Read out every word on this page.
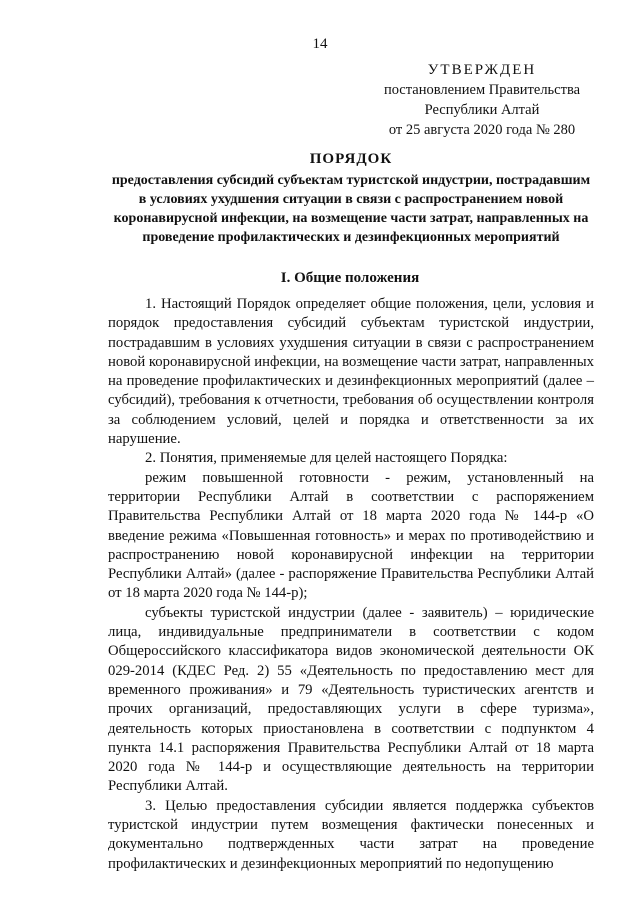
14
УТВЕРЖДЕН
постановлением Правительства
Республики Алтай
от 25 августа 2020 года № 280
ПОРЯДОК
предоставления субсидий субъектам туристской индустрии, пострадавшим в условиях ухудшения ситуации в связи с распространением новой коронавирусной инфекции, на возмещение части затрат, направленных на проведение профилактических и дезинфекционных мероприятий
I. Общие положения

1. Настоящий Порядок определяет общие положения, цели, условия и порядок предоставления субсидий субъектам туристской индустрии, пострадавшим в условиях ухудшения ситуации в связи с распространением новой коронавирусной инфекции, на возмещение части затрат, направленных на проведение профилактических и дезинфекционных мероприятий (далее – субсидий), требования к отчетности, требования об осуществлении контроля за соблюдением условий, целей и порядка и ответственности за их нарушение.

2. Понятия, применяемые для целей настоящего Порядка:

режим повышенной готовности - режим, установленный на территории Республики Алтай в соответствии с распоряжением Правительства Республики Алтай от 18 марта 2020 года № 144-р «О введение режима «Повышенная готовность» и мерах по противодействию и распространению новой коронавирусной инфекции на территории Республики Алтай» (далее - распоряжение Правительства Республики Алтай от 18 марта 2020 года № 144-р);

субъекты туристской индустрии (далее - заявитель) – юридические лица, индивидуальные предприниматели в соответствии с кодом Общероссийского классификатора видов экономической деятельности ОК 029-2014 (КДЕС Ред. 2) 55 «Деятельность по предоставлению мест для временного проживания» и 79 «Деятельность туристических агентств и прочих организаций, предоставляющих услуги в сфере туризма», деятельность которых приостановлена в соответствии с подпунктом 4 пункта 14.1 распоряжения Правительства Республики Алтай от 18 марта 2020 года № 144-р и осуществляющие деятельность на территории Республики Алтай.

3. Целью предоставления субсидии является поддержка субъектов туристской индустрии путем возмещения фактически понесенных и документально подтвержденных части затрат на проведение профилактических и дезинфекционных мероприятий по недопущению
